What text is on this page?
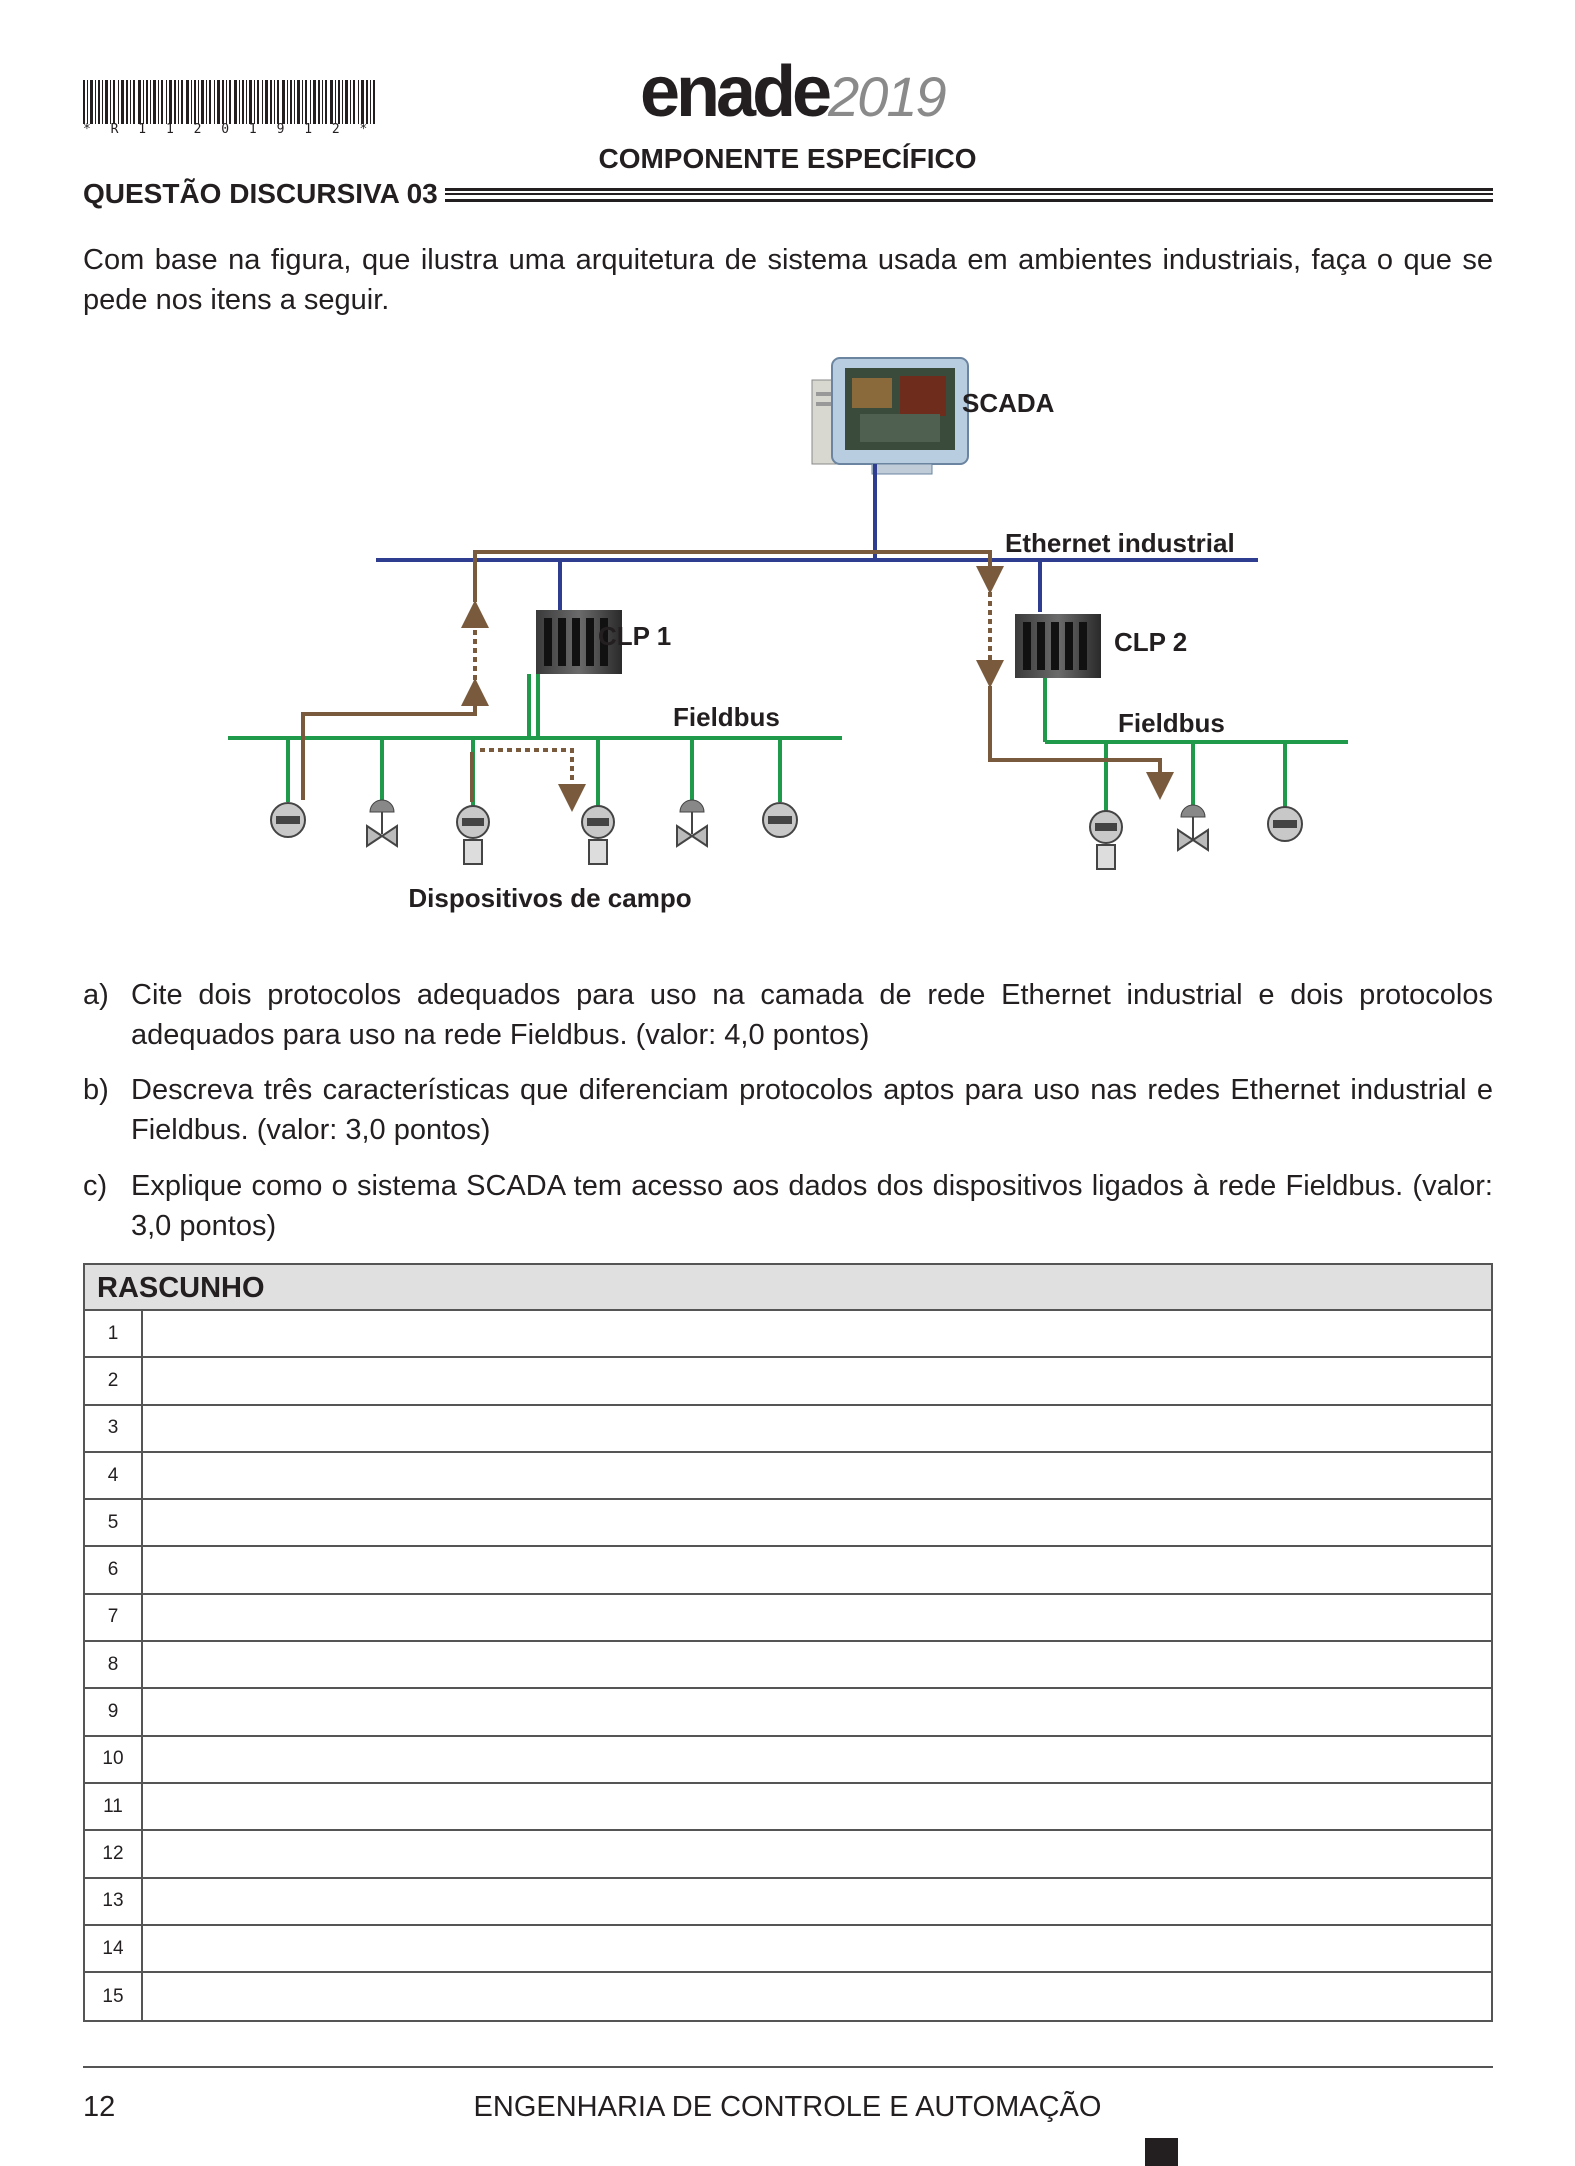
* R 1 1 2 0 1 9 1 2 *	enade2019
COMPONENTE ESPECÍFICO
QUESTÃO DISCURSIVA 03
Com base na figura, que ilustra uma arquitetura de sistema usada em ambientes industriais, faça o que se pede nos itens a seguir.
SCADA
Ethernet industrial
CLP 1	CLP 2
Fieldbus	Fieldbus
Dispositivos de campo
a) Cite dois protocolos adequados para uso na camada de rede Ethernet industrial e dois protocolos adequados para uso na rede Fieldbus. (valor: 4,0 pontos)
b) Descreva três características que diferenciam protocolos aptos para uso nas redes Ethernet industrial e Fieldbus. (valor: 3,0 pontos)
c) Explique como o sistema SCADA tem acesso aos dados dos dispositivos ligados à rede Fieldbus. (valor: 3,0 pontos)
RASCUNHO
1
2
3
4
5
6
7
8
9
10
11
12
13
14
15
12	ENGENHARIA DE CONTROLE E AUTOMAÇÃO
